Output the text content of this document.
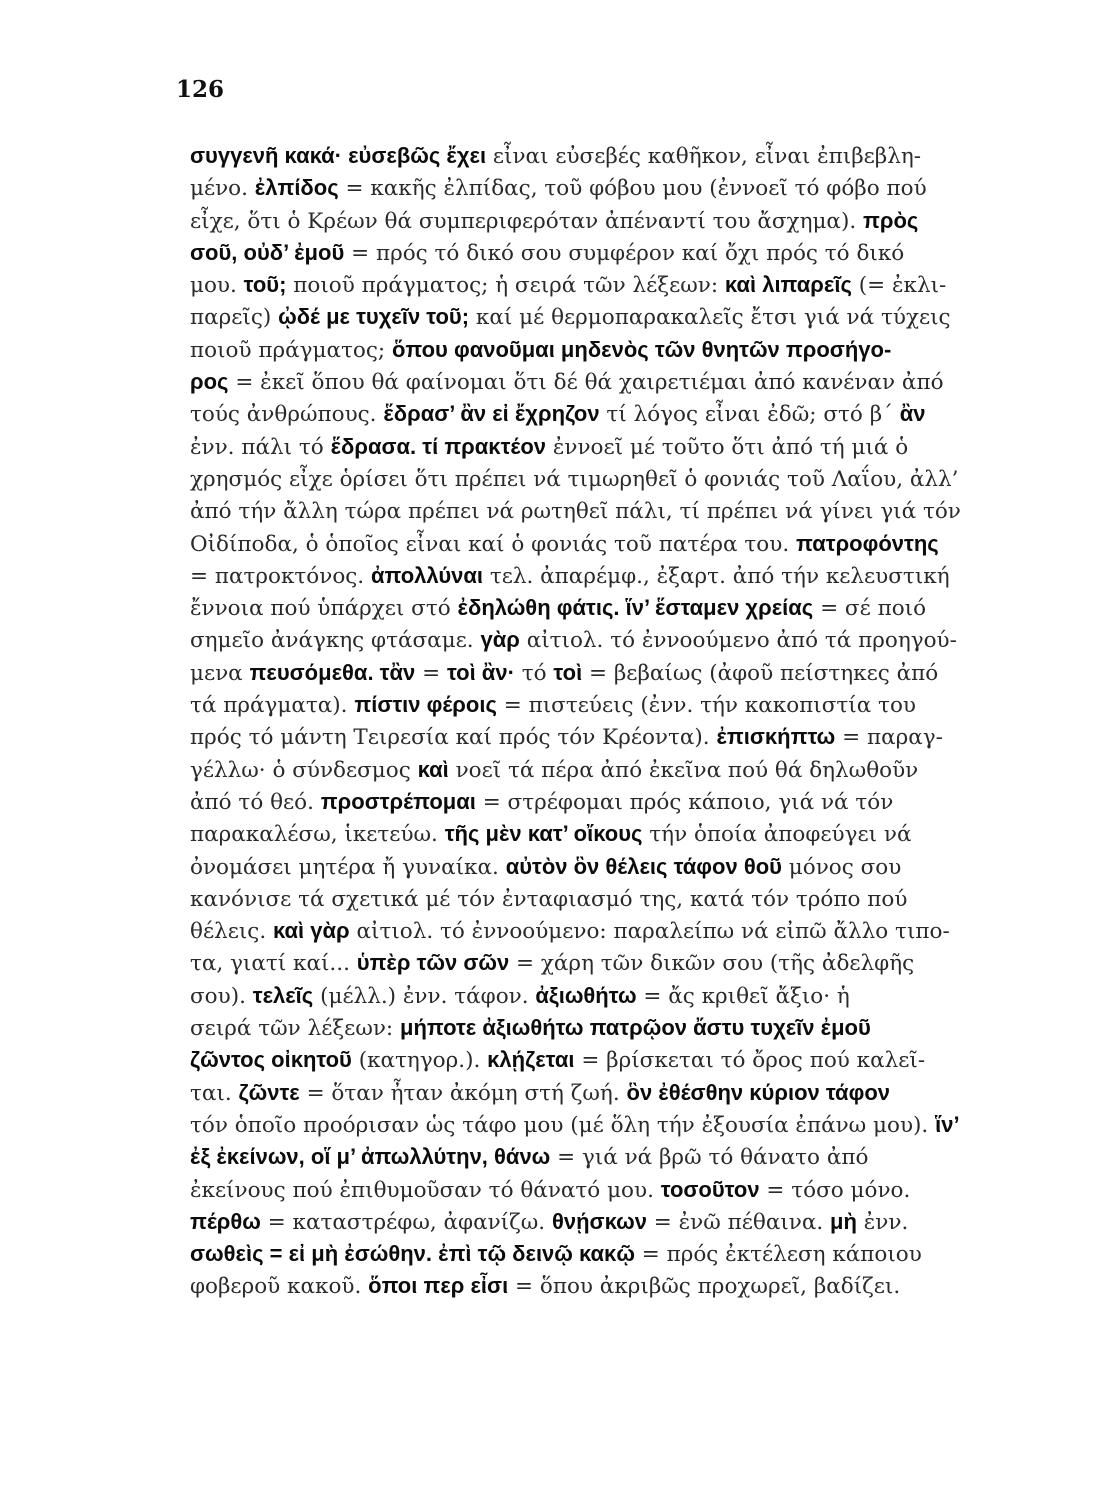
126
συγγενῆ κακά· εὐσεβῶς ἔχει εἶναι εὐσεβές καθῆκον, εἶναι ἐπιβεβλη-
μένο. ἐλπίδος = κακῆς ἐλπίδας, τοῦ φόβου μου (ἐννοεῖ τό φόβο πού
εἶχε, ὅτι ὁ Κρέων θά συμπεριφερόταν ἀπέναντί του ἄσχημα). πρὸς
σοῦ, οὐδ’ ἐμοῦ = πρός τό δικό σου συμφέρον καί ὄχι πρός τό δικό
μου. τοῦ; ποιοῦ πράγματος; ἡ σειρά τῶν λέξεων: καὶ λιπαρεῖς (= ἐκλι-
παρεῖς) ᾠδέ με τυχεῖν τοῦ; καί μέ θερμοπαρακαλεῖς ἔτσι γιά νά τύχεις
ποιοῦ πράγματος; ὅπου φανοῦμαι μηδενὸς τῶν θνητῶν προσήγο-
ρος = ἐκεῖ ὅπου θά φαίνομαι ὅτι δέ θά χαιρετιέμαι ἀπό κανέναν ἀπό
τούς ἀνθρώπους. ἕδρασ’ ἂν εἰ ἔχρηζον τί λόγος εἶναι ἐδῶ; στό β΄ ἂν
ἐνν. πάλι τό ἕδρασα. τί πρακτέον ἐννοεῖ μέ τοῦτο ὅτι ἀπό τή μιά ὁ
χρησμός εἶχε ὁρίσει ὅτι πρέπει νά τιμωρηθεῖ ὁ φονιάς τοῦ Λαΐου, ἀλλ’
ἀπό τήν ἄλλη τώρα πρέπει νά ρωτηθεῖ πάλι, τί πρέπει νά γίνει γιά τόν
Οἰδίποδα, ὁ ὁποῖος εἶναι καί ὁ φονιάς τοῦ πατέρα του. πατροφόντης
= πατροκτόνος. ἀπολλύναι τελ. ἀπαρέμφ., ἐξαρτ. ἀπό τήν κελευστική
ἔννοια πού ὑπάρχει στό ἐδηλώθη φάτις. ἵν’ ἕσταμεν χρείας = σέ ποιό
σημεῖο ἀνάγκης φτάσαμε. γὰρ αἰτιολ. τό ἐννοούμενο ἀπό τά προηγού-
μενα πευσόμεθα. τἂν = τοὶ ἂν· τό τοὶ = βεβαίως (ἀφοῦ πείστηκες ἀπό
τά πράγματα). πίστιν φέροις = πιστεύεις (ἐνν. τήν κακοπιστία του
πρός τό μάντη Τειρεσία καί πρός τόν Κρέοντα). ἐπισκήπτω = παραγ-
γέλλω· ὁ σύνδεσμος καὶ νοεῖ τά πέρα ἀπό ἐκεῖνα πού θά δηλωθοῦν
ἀπό τό θεό. προστρέπομαι = στρέφομαι πρός κάποιο, γιά νά τόν
παρακαλέσω, ἱκετεύω. τῆς μὲν κατ’ οἴκους τήν ὁποία ἀποφεύγει νά
ὀνομάσει μητέρα ἤ γυναίκα. αὐτὸν ὃν θέλεις τάφον θοῦ μόνος σου
κανόνισε τά σχετικά μέ τόν ἐνταφιασμό της, κατά τόν τρόπο πού
θέλεις. καὶ γὰρ αἰτιολ. τό ἐννοούμενο: παραλείπω νά εἰπῶ ἄλλο τιπο-
τα, γιατί καί... ὑπὲρ τῶν σῶν = χάρη τῶν δικῶν σου (τῆς ἀδελφῆς
σου). τελεῖς (μέλλ.) ἐνν. τάφον. ἀξιωθήτω = ἄς κριθεῖ ἄξιο· ἡ
σειρά τῶν λέξεων: μήποτε ἀξιωθήτω πατρῷον ἄστυ τυχεῖν ἐμοῦ
ζῶντος οἰκητοῦ (κατηγορ.). κλῄζεται = βρίσκεται τό ὄρος πού καλεῖ-
ται. ζῶντε = ὅταν ἦταν ἀκόμη στή ζωή. ὃν ἐθέσθην κύριον τάφον
τόν ὁποῖο προόρισαν ὡς τάφο μου (μέ ὅλη τήν ἐξουσία ἐπάνω μου). ἵν’
ἐξ ἐκείνων, οἵ μ’ ἀπωλλύτην, θάνω = γιά νά βρῶ τό θάνατο ἀπό
ἐκείνους πού ἐπιθυμοῦσαν τό θάνατό μου. τοσοῦτον = τόσο μόνο.
πέρθω = καταστρέφω, ἀφανίζω. θνῄσκων = ἐνῶ πέθαινα. μὴ ἐνν.
σωθεὶς = εἰ μὴ ἐσώθην. ἐπὶ τῷ δεινῷ κακῷ = πρός ἐκτέλεση κάποιου
φοβεροῦ κακοῦ. ὅποι περ εἶσι = ὅπου ἀκριβῶς προχωρεῖ, βαδίζει.
